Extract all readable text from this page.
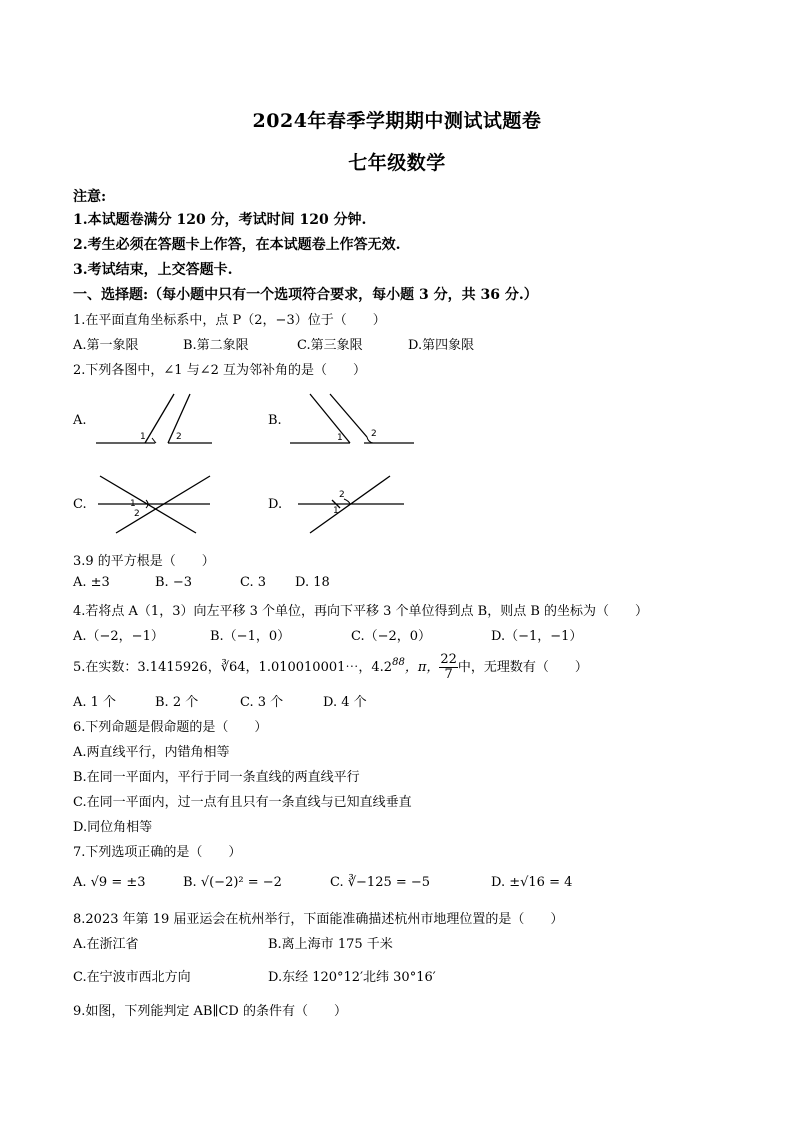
2024年春季学期期中测试试题卷
七年级数学
注意:
1.本试题卷满分 120 分，考试时间 120 分钟.
2.考生必须在答题卡上作答，在本试题卷上作答无效.
3.考试结束，上交答题卡.
一、选择题:（每小题中只有一个选项符合要求，每小题 3 分，共 36 分.）
1.在平面直角坐标系中，点 P（2，−3）位于（　　）
A.第一象限	B.第二象限	C.第三象限	D.第四象限
2.下列各图中，∠1 与∠2 互为邻补角的是（　　）
A.
1	2
B.
1	2
C.	1
2
D.
2
1
3.9 的平方根是（　　）
A. ±3	B. −3	C. 3 D. 18
4.若将点 A（1，3）向左平移 3 个单位，再向下平移 3 个单位得到点 B，则点 B 的坐标为（　　）
A.（−2，−1）	B.（−1，0）	C.（−2，0）	D.（−1，−1）
5.在实数：3.1415926，∛64，1.010010001⋯，$4.2^{88}$，π， $\frac{22}{7}$ 中，无理数有（　　）
A. 1 个	B. 2 个	C. 3 个	D. 4 个
6.下列命题是假命题的是（　　）
A.两直线平行，内错角相等
B.在同一平面内，平行于同一条直线的两直线平行
C.在同一平面内，过一点有且只有一条直线与已知直线垂直
D.同位角相等
7.下列选项正确的是（　　）
A. √9 = ±3	B. √(−2)² = −2	C. ∛−125 = −5	D. ±√16 = 4
8.2023 年第 19 届亚运会在杭州举行，下面能准确描述杭州市地理位置的是（　　）
A.在浙江省	B.离上海市 175 千米
C.在宁波市西北方向	D.东经 120°12′北纬 30°16′
9.如图，下列能判定 AB∥CD 的条件有（　　）
